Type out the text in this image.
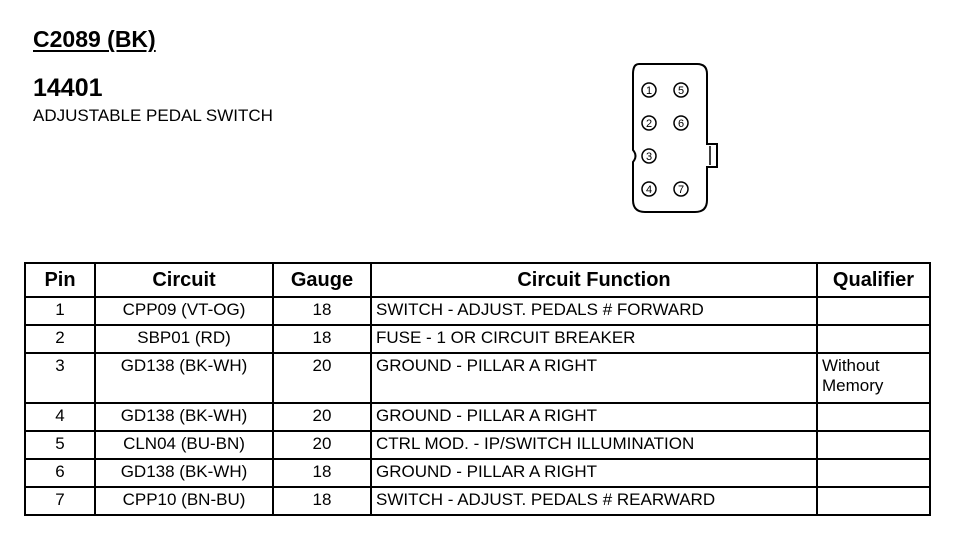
C2089 (BK)
14401
ADJUSTABLE PEDAL SWITCH
1 5
2 6
3
4 7
Pin	Circuit	Gauge	Circuit Function	Qualifier
1	CPP09 (VT-OG)	18	SWITCH - ADJUST. PEDALS # FORWARD	
2	SBP01 (RD)	18	FUSE - 1 OR CIRCUIT BREAKER	
3	GD138 (BK-WH)	20	GROUND - PILLAR A RIGHT	Without Memory
4	GD138 (BK-WH)	20	GROUND - PILLAR A RIGHT	
5	CLN04 (BU-BN)	20	CTRL MOD. - IP/SWITCH ILLUMINATION	
6	GD138 (BK-WH)	18	GROUND - PILLAR A RIGHT	
7	CPP10 (BN-BU)	18	SWITCH - ADJUST. PEDALS # REARWARD	
